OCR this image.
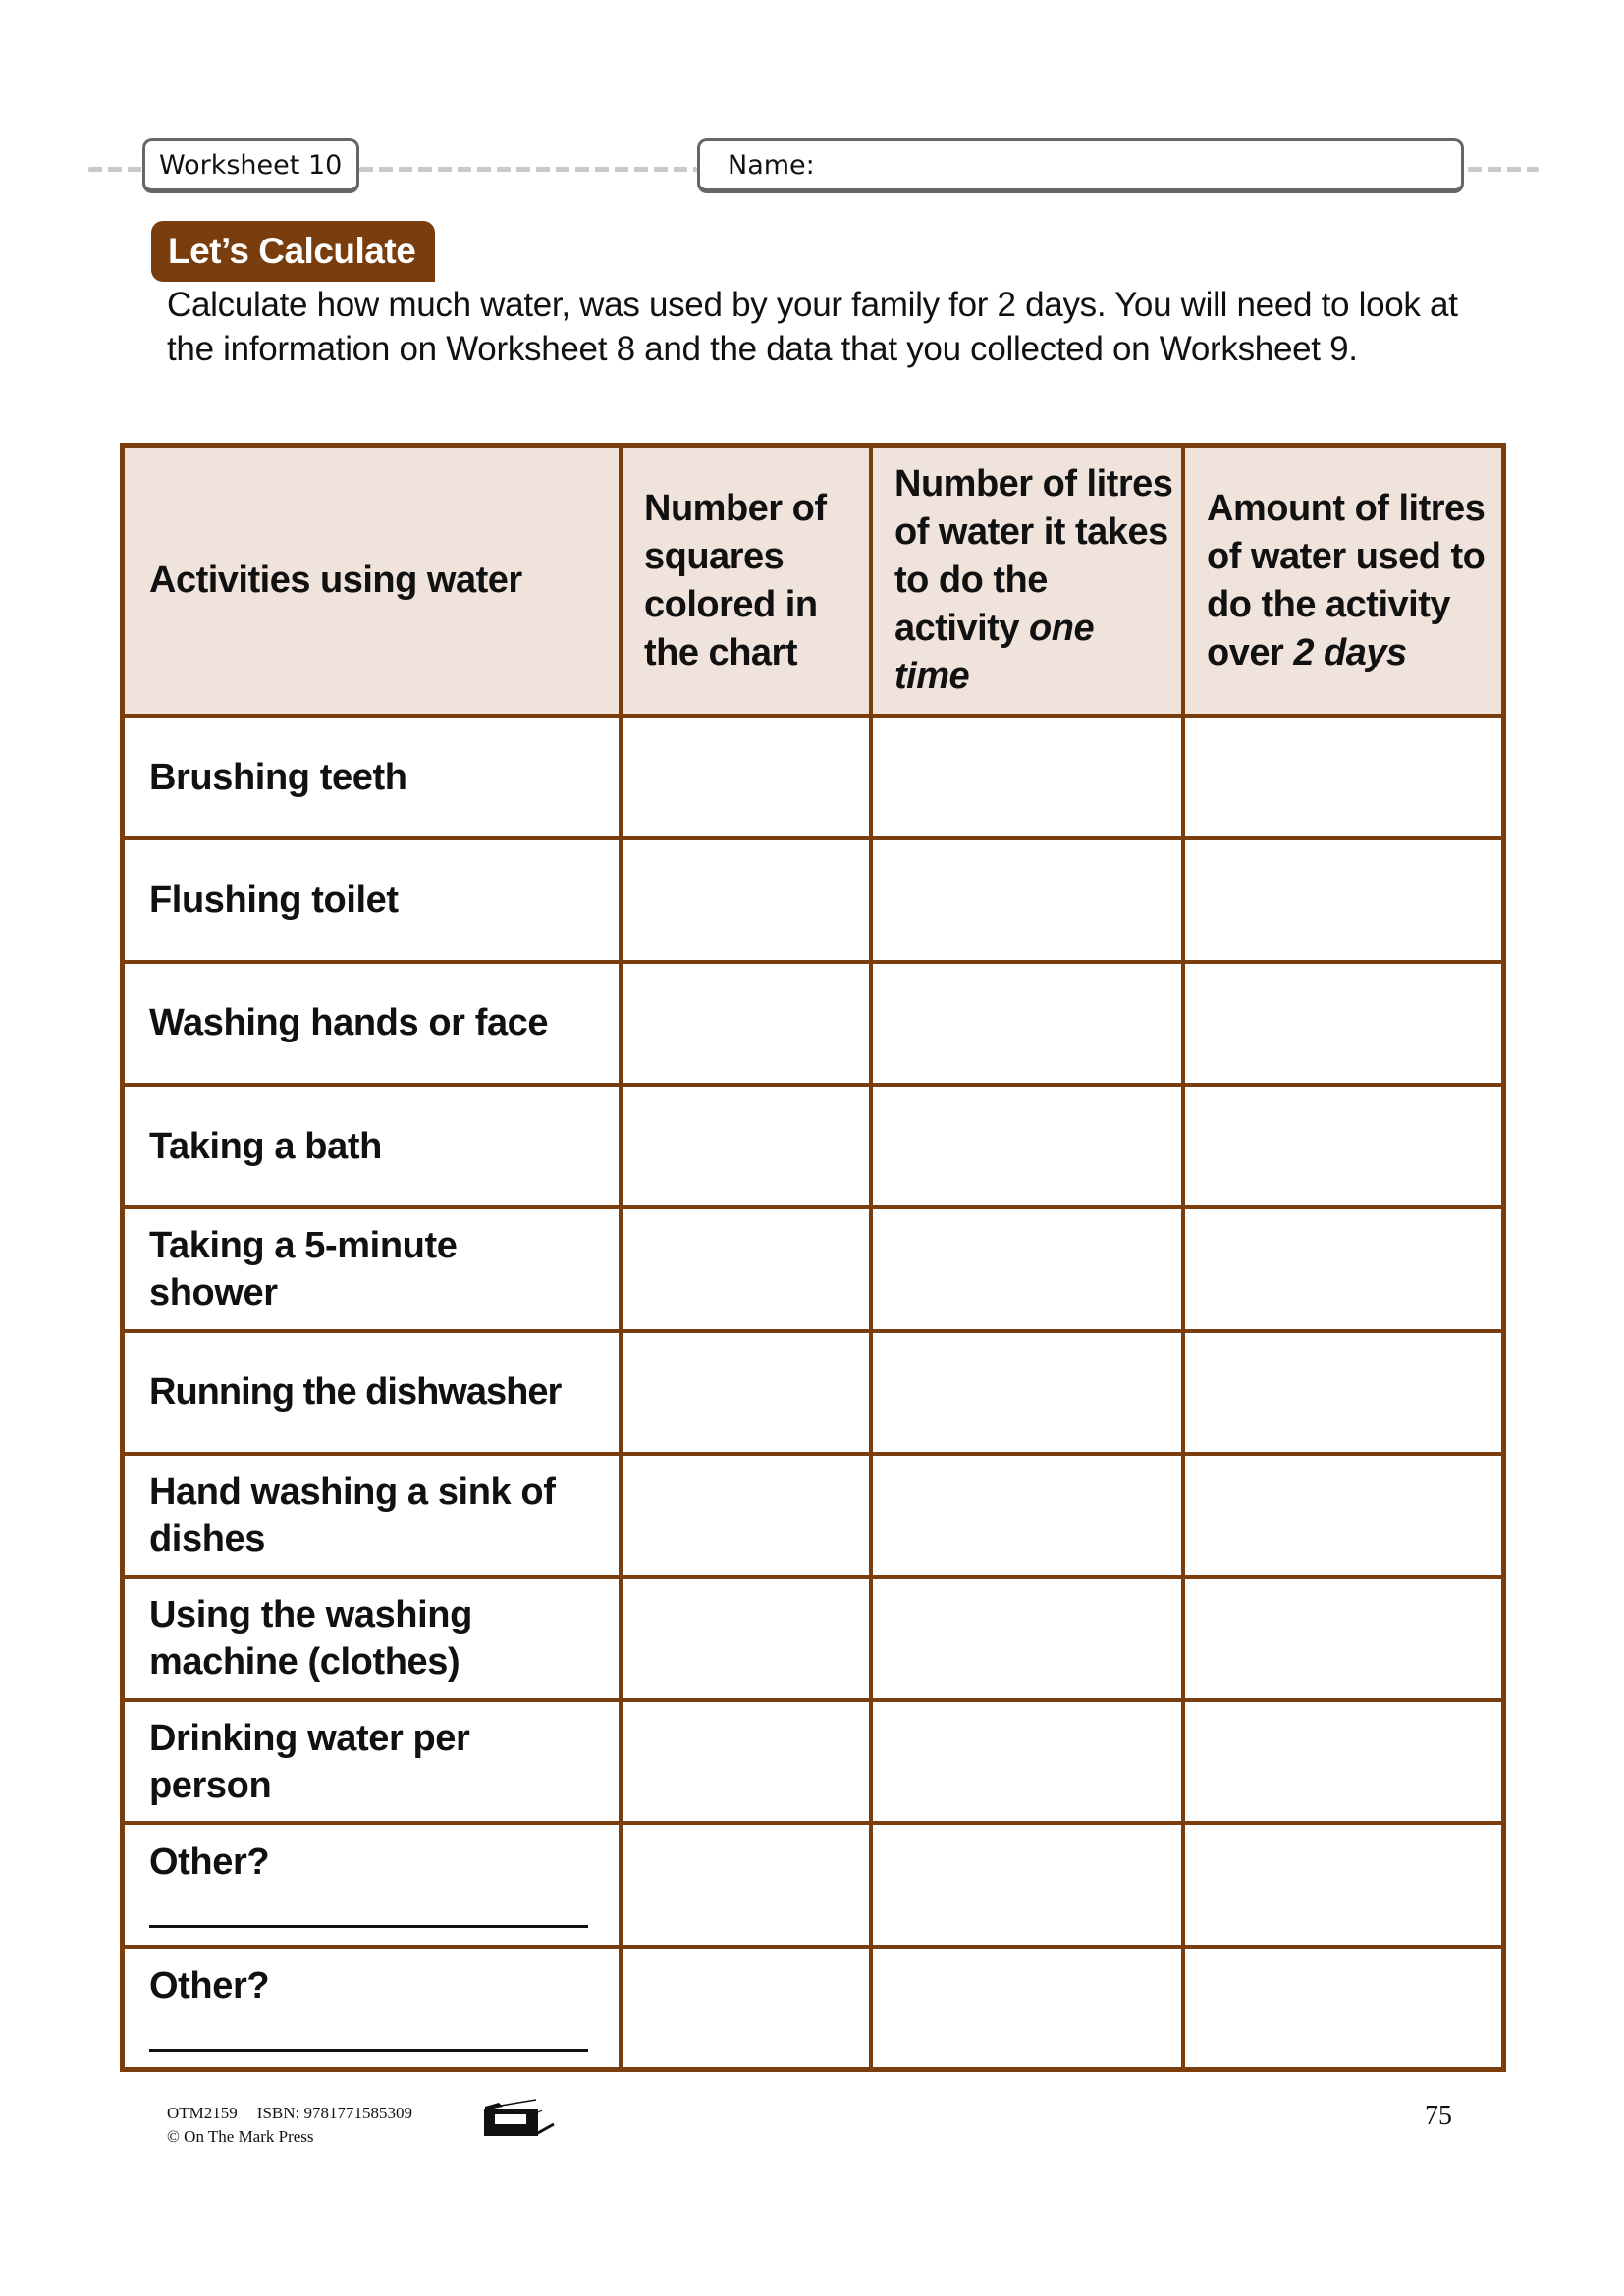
Worksheet 10	Name:
Let’s Calculate
Calculate how much water, was used by your family for 2 days. You will need to look at the information on Worksheet 8 and the data that you collected on Worksheet 9.
Activities using water	Number of squares colored in the chart	Number of litres of water it takes to do the activity one time	Amount of litres of water used to do the activity over 2 days

Brushing teeth			

Flushing toilet			

Washing hands or face			

Taking a bath			

Taking a 5-minute shower			

Running the dishwasher			

Hand washing a sink of dishes			

Using the washing machine (clothes)			

Drinking water per person			

Other?			

Other?			

OTM2159 ISBN: 9781771585309
© On The Mark Press
75
